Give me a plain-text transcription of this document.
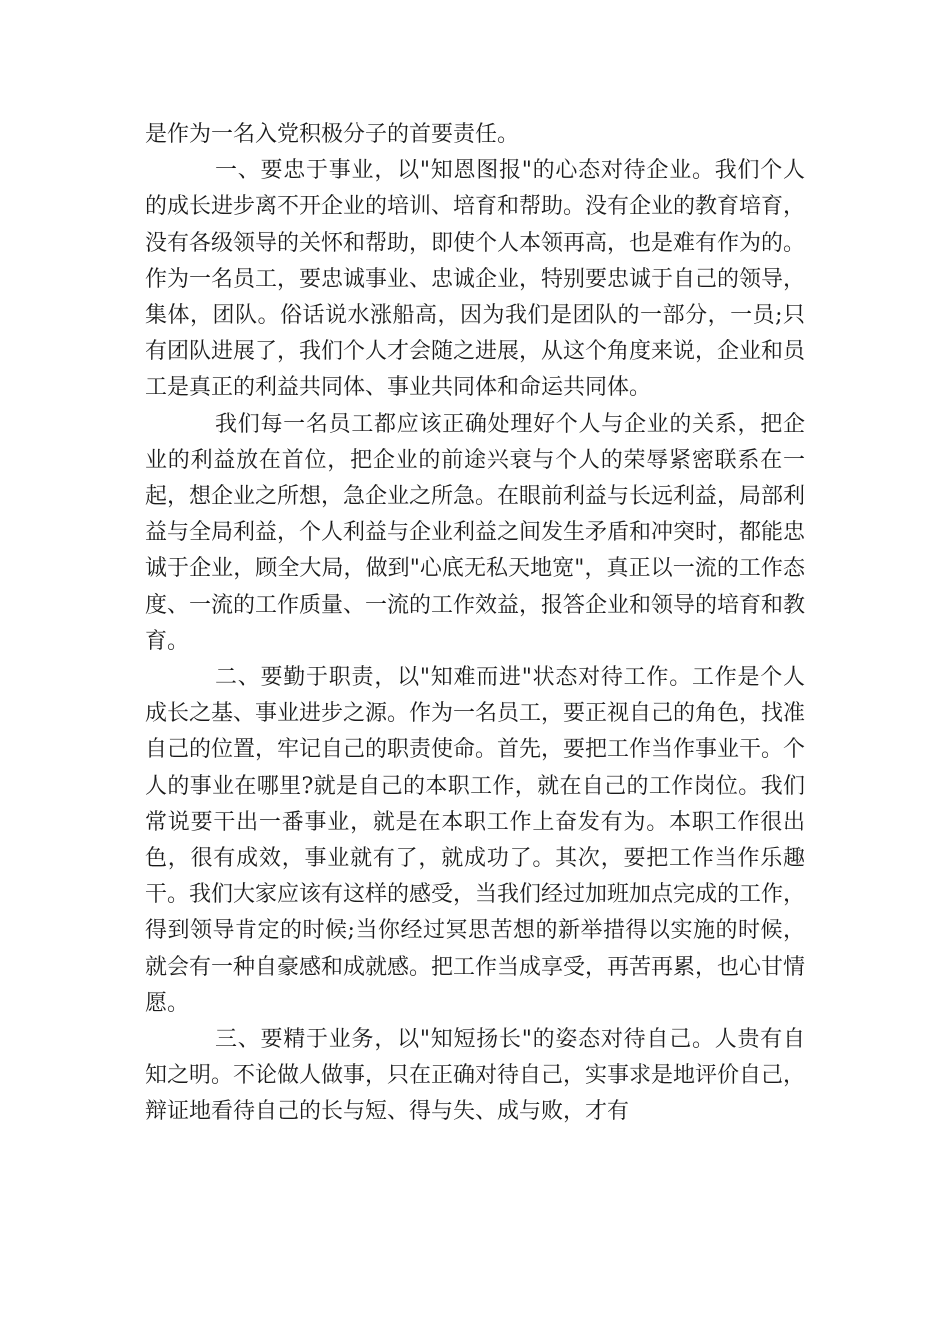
是作为一名入党积极分子的首要责任。

一、要忠于事业，以"知恩图报"的心态对待企业。我们个人的成长进步离不开企业的培训、培育和帮助。没有企业的教育培育，没有各级领导的关怀和帮助，即使个人本领再高，也是难有作为的。作为一名员工，要忠诚事业、忠诚企业，特别要忠诚于自己的领导，集体，团队。俗话说水涨船高，因为我们是团队的一部分，一员;只有团队进展了，我们个人才会随之进展，从这个角度来说，企业和员工是真正的利益共同体、事业共同体和命运共同体。

我们每一名员工都应该正确处理好个人与企业的关系，把企业的利益放在首位，把企业的前途兴衰与个人的荣辱紧密联系在一起，想企业之所想，急企业之所急。在眼前利益与长远利益，局部利益与全局利益，个人利益与企业利益之间发生矛盾和冲突时，都能忠诚于企业，顾全大局，做到"心底无私天地宽"，真正以一流的工作态度、一流的工作质量、一流的工作效益，报答企业和领导的培育和教育。

二、要勤于职责，以"知难而进"状态对待工作。工作是个人成长之基、事业进步之源。作为一名员工，要正视自己的角色，找准自己的位置，牢记自己的职责使命。首先，要把工作当作事业干。个人的事业在哪里?就是自己的本职工作，就在自己的工作岗位。我们常说要干出一番事业，就是在本职工作上奋发有为。本职工作很出色，很有成效，事业就有了，就成功了。其次，要把工作当作乐趣干。我们大家应该有这样的感受，当我们经过加班加点完成的工作，得到领导肯定的时候;当你经过冥思苦想的新举措得以实施的时候，就会有一种自豪感和成就感。把工作当成享受，再苦再累，也心甘情愿。

三、要精于业务，以"知短扬长"的姿态对待自己。人贵有自知之明。不论做人做事，只在正确对待自己，实事求是地评价自己，辩证地看待自己的长与短、得与失、成与败，才有
